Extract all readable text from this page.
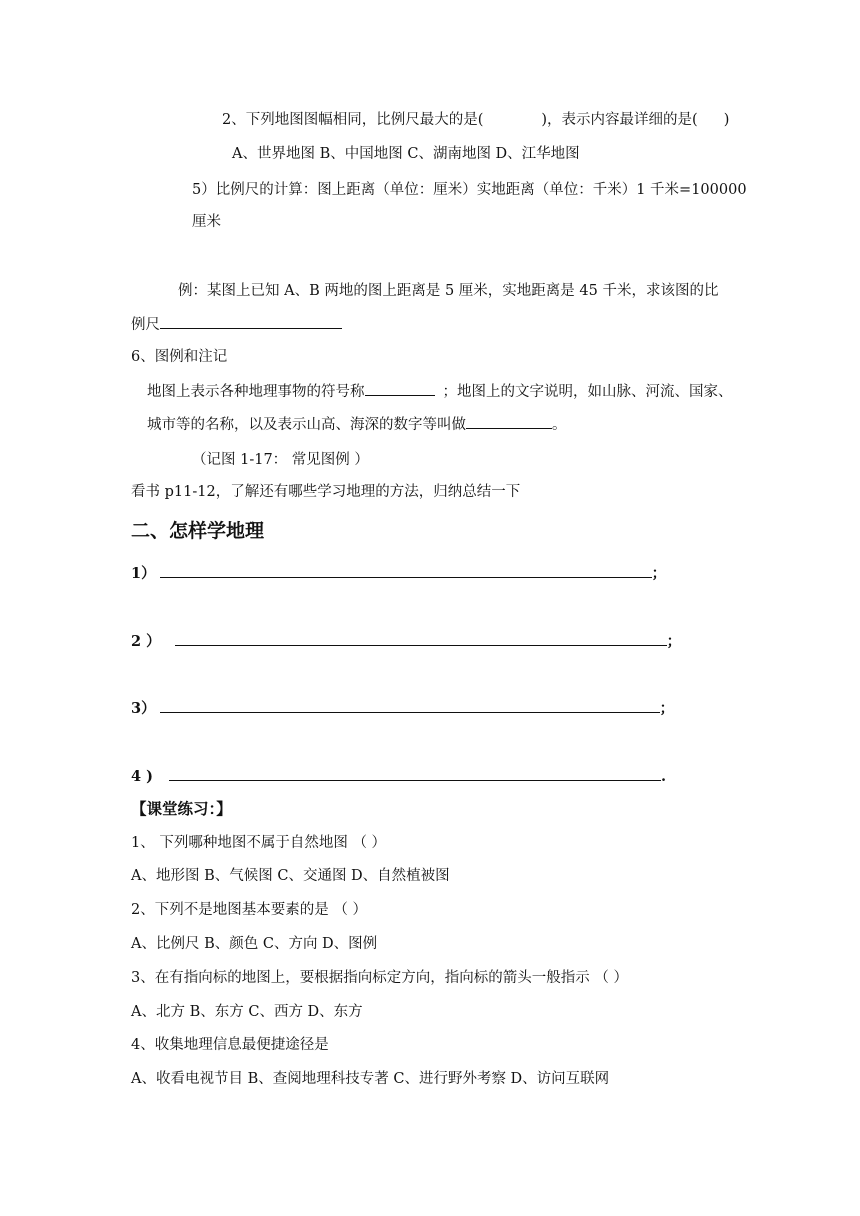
2、下列地图图幅相同，比例尺最大的是(	)，表示内容最详细的是( )
A、世界地图 B、中国地图 C、湖南地图 D、江华地图
5）比例尺的计算：图上距离（单位：厘米）实地距离（单位：千米）1 千米=100000
厘米
例：某图上已知 A、B 两地的图上距离是 5 厘米，实地距离是 45 千米，求该图的比
例尺
6、图例和注记
地图上表示各种地理事物的符号称	；地图上的文字说明，如山脉、河流、国家、
城市等的名称，以及表示山高、海深的数字等叫做	。
（记图 1-17： 常见图例 ）
看书 p11-12，了解还有哪些学习地理的方法，归纳总结一下
二、怎样学地理
1）	；
2 ）	；
3）	；
4 )	.
【课堂练习：】
1、 下列哪种地图不属于自然地图 （ ）
A、地形图 B、气候图 C、交通图 D、自然植被图
2、下列不是地图基本要素的是 （ ）
A、比例尺 B、颜色 C、方向 D、图例
3、在有指向标的地图上，要根据指向标定方向，指向标的箭头一般指示 （ ）
A、北方 B、东方 C、西方 D、东方
4、收集地理信息最便捷途径是
A、收看电视节目 B、查阅地理科技专著 C、进行野外考察 D、访问互联网
